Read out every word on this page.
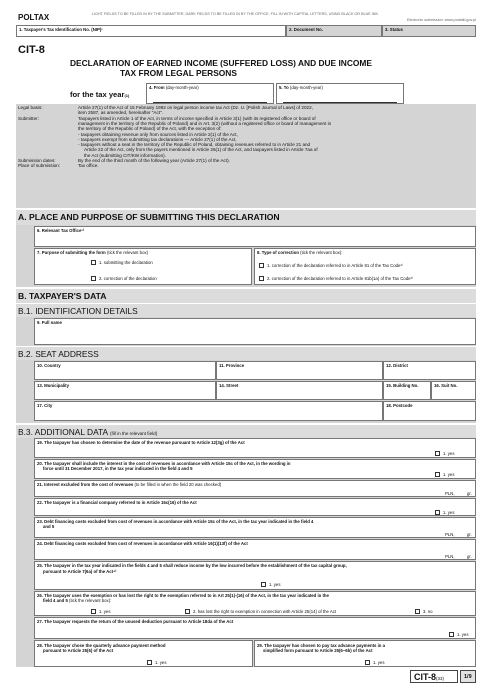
POLTAX	LIGHT FIELDS TO BE FILLED IN BY THE SUBMITTER, DARK FIELDS TO BE FILLED IN BY THE OFFICE. FILL IN WITH CAPITAL LETTERS, USING BLACK OR BLUE INK.
Electronic submission: www.podatki.gov.pl
1. Taxpayer's Tax Identification No. (NIP)¹	2. Document No.	3. Status
CIT-8
DECLARATION OF EARNED INCOME (SUFFERED LOSS) AND DUE INCOME
TAX FROM LEGAL PERSONS
for the tax year(1)
4. From (day-month-year)	5. To (day-month-year)
Legal basis:	Article 27(1) of the Act of 15 February 1992 on legal person income tax Act (Dz. U. [Polish Journal of Laws] of 2022,
item 2587, as amended, hereinafter "Act".
Submitter:	Taxpayers listed in Article 1 of the Act, in terms of income specified in Article 3(1) (with its registered office or board of
management in the territory of the Republic of Poland) and in Art. 3(2) (without a registered office or board of management in
the territory of the Republic of Poland) of the Act, with the exception of:
- taxpayers obtaining revenue only from sources listed in Article 2(1) of the Act,
- taxpayers exempt from submitting tax declarations — Article 27(1) of the Act,
- taxpayers without a seat in the territory of the Republic of Poland, obtaining revenues referred to in Article 21 and
Article 22 of the Act, only from the payers mentioned in Article 26(1) of the Act, and taxpayers listed in Article 7aa of
the Act (submitting CIT/KW information).
Submission dates:	By the end of the third month of the following year (Article 27(1) of the Act).
Place of submission:	Tax office.
A. PLACE AND PURPOSE OF SUBMITTING THIS DECLARATION
6. Relevant Tax Office¹⁾
7. Purpose of submitting the form (tick the relevant box)
1. submitting the declaration
2. correction of the declaration
8. Type of correction (tick the relevant box):
1. correction of the declaration referred to in Article 81 of the Tax Code²⁾
2. correction of the declaration referred to in Article 81b(1a) of the Tax Code³⁾
B. TAXPAYER'S DATA
B.1. IDENTIFICATION DETAILS
9. Full name
B.2. SEAT ADDRESS
10. Country	11. Province	12. District
13. Municipality	14. Street	15. Building No.	16. Suit No.
17. City	18. Postcode
B.3. ADDITIONAL DATA (fill in the relevant field)
19. The taxpayer has chosen to determine the date of the revenue pursuant to Article 12(3g) of the Act
1. yes
20. The taxpayer shall include the interest in the cost of revenues in accordance with Article 15c of the Act, in the wording in
force until 31 December 2017, in the tax year indicated in the field 4 and 5
1. yes
21. Interest excluded from the cost of revenues (to be filled in when the field 20 was checked)
PLN,	gr.
22. The taxpayer is a financial company referred to in Article 15c(16) of the Act
1. yes
23. Debt financing costs excluded from cost of revenues in accordance with Article 15c of the Act, in the tax year indicated in the field 4
and 5
PLN,	gr.
24. Debt financing costs excluded from cost of revenues in accordance with Article 16(1)(13f) of the Act
PLN,	gr.
25. The taxpayer in the tax year indicated in the fields 4 and 5 shall reduce income by the low incurred before the establishment of the tax capital group,
pursuant to Article 7(6a) of the Act⁴⁾
1. yes
26. The taxpayer uses the exemption or has lost the right to the exemption referred to in Art 25(1)-(16) of the Act, in the tax year indicated in the
field 4 and 5 (tick the relevant box):
1. yes	2. has lost the right to exemption in connection with Article 25(14) of the Act	3. no
27. The taxpayer requests the return of the unused deduction pursuant to Article 18da of the Act
1. yes
28. The taxpayer chose the quarterly advance payment method
pursuant to Article 25(6) of the Act
1. yes
29. The taxpayer has chosen to pay tax advance payments in a
simplified form pursuant to Article 25(6–6b) of the Act
1. yes
CIT-8(33)	1/9
